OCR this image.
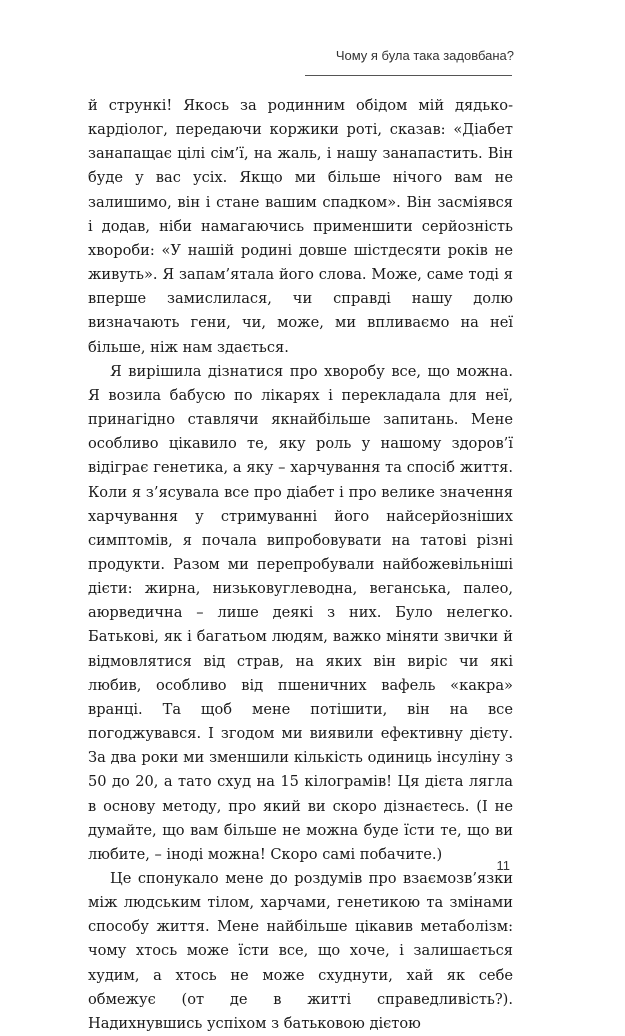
Чому я була така задовбана?

й стрункі! Якось за родинним обідом мій дядько-кардіолог, передаючи коржики роті, сказав: «Діабет занапащає цілі сім’ї, на жаль, і нашу занапастить. Він буде у вас усіх. Якщо ми більше нічого вам не залишимо, він і стане вашим спадком». Він засміявся і додав, ніби намагаючись применшити серйозність хвороби: «У нашій родині довше шістдесяти років не живуть». Я запам’ятала його слова. Може, саме тоді я вперше замислилася, чи справді нашу долю визначають гени, чи, може, ми впливаємо на неї більше, ніж нам здається.

Я вирішила дізнатися про хворобу все, що можна. Я возила бабусю по лікарях і перекладала для неї, принагідно ставлячи якнайбільше запитань. Мене особливо цікавило те, яку роль у нашому здоров’ї відіграє генетика, а яку – харчування та спосіб життя. Коли я з’ясувала все про діабет і про велике значення харчування у стримуванні його найсерйозніших симптомів, я почала випробовувати на татові різні продукти. Разом ми перепробували найбожевільніші дієти: жирна, низьковуглеводна, веганська, палео, аюрведична – лише деякі з них. Було нелегко. Батькові, як і багатьом людям, важко міняти звички й відмовлятися від страв, на яких він виріс чи які любив, особливо від пшеничних вафель «какра» вранці. Та щоб мене потішити, він на все погоджувався. І згодом ми виявили ефективну дієту. За два роки ми зменшили кількість одиниць інсуліну з 50 до 20, а тато схуд на 15 кілограмів! Ця дієта лягла в основу методу, про який ви скоро дізнаєтесь. (І не думайте, що вам більше не можна буде їсти те, що ви любите, – іноді можна! Скоро самі побачите.)

Це спонукало мене до роздумів про взаємозв’язки між людським тілом, харчами, генетикою та змінами способу життя. Мене найбільше цікавив метаболізм: чому хтось може їсти все, що хоче, і залишається худим, а хтось не може схуднути, хай як себе обмежує (от де в житті справедливість?). Надихнувшись успіхом з батьковою дієтою

11
